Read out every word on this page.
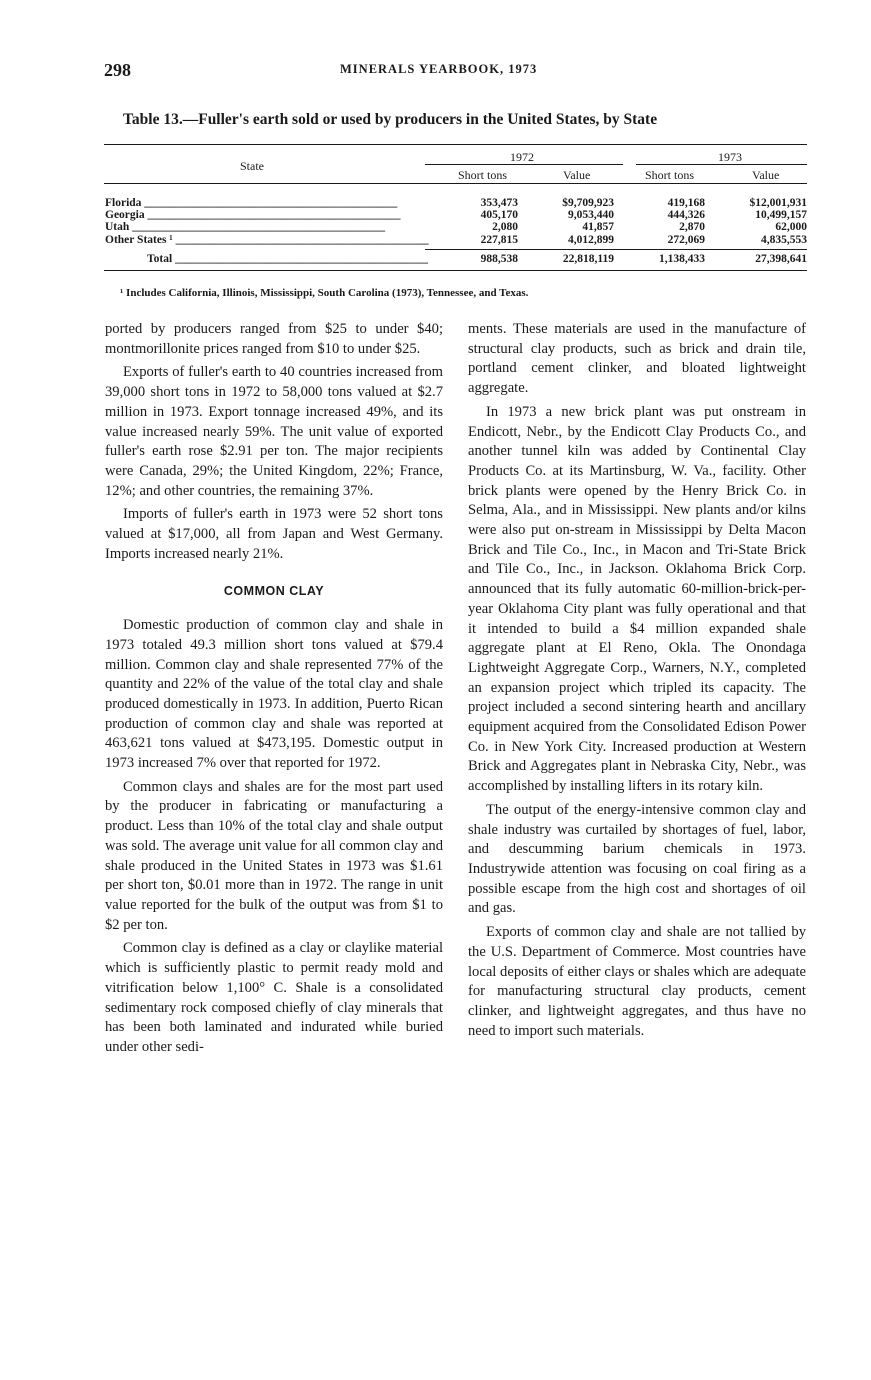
298	MINERALS YEARBOOK, 1973
Table 13.—Fuller's earth sold or used by producers in the United States, by State
State
1972	1973
Short tons	Value	Short tons	Value
Florida ____________________________________________	353,473	$9,709,923	419,168	$12,001,931
Georgia ____________________________________________	405,170	9,053,440	444,326	10,499,157
Utah ____________________________________________	2,080	41,857	2,870	62,000
Other States ¹ ____________________________________________	227,815	4,012,899	272,069	4,835,553
Total ____________________________________________	988,538	22,818,119	1,138,433	27,398,641
¹ Includes California, Illinois, Mississippi, South Carolina (1973), Tennessee, and Texas.

ported by producers ranged from $25 to under $40; montmorillonite prices ranged from $10 to under $25.

Exports of fuller's earth to 40 countries increased from 39,000 short tons in 1972 to 58,000 tons valued at $2.7 million in 1973. Export tonnage increased 49%, and its value increased nearly 59%. The unit value of exported fuller's earth rose $2.91 per ton. The major recipients were Canada, 29%; the United Kingdom, 22%; France, 12%; and other countries, the remaining 37%.

Imports of fuller's earth in 1973 were 52 short tons valued at $17,000, all from Japan and West Germany. Imports increased nearly 21%.

COMMON CLAY

Domestic production of common clay and shale in 1973 totaled 49.3 million short tons valued at $79.4 million. Common clay and shale represented 77% of the quantity and 22% of the value of the total clay and shale produced domestically in 1973. In addition, Puerto Rican production of common clay and shale was reported at 463,621 tons valued at $473,195. Domestic output in 1973 increased 7% over that reported for 1972.

Common clays and shales are for the most part used by the producer in fabricating or manufacturing a product. Less than 10% of the total clay and shale output was sold. The average unit value for all common clay and shale produced in the United States in 1973 was $1.61 per short ton, $0.01 more than in 1972. The range in unit value reported for the bulk of the output was from $1 to $2 per ton.

Common clay is defined as a clay or claylike material which is sufficiently plastic to permit ready mold and vitrification below 1,100° C. Shale is a consolidated sedimentary rock composed chiefly of clay minerals that has been both laminated and indurated while buried under other sedi-

ments. These materials are used in the manufacture of structural clay products, such as brick and drain tile, portland cement clinker, and bloated lightweight aggregate.

In 1973 a new brick plant was put onstream in Endicott, Nebr., by the Endicott Clay Products Co., and another tunnel kiln was added by Continental Clay Products Co. at its Martinsburg, W. Va., facility. Other brick plants were opened by the Henry Brick Co. in Selma, Ala., and in Mississippi. New plants and/or kilns were also put on-stream in Mississippi by Delta Macon Brick and Tile Co., Inc., in Macon and Tri-State Brick and Tile Co., Inc., in Jackson. Oklahoma Brick Corp. announced that its fully automatic 60-million-brick-per-year Oklahoma City plant was fully operational and that it intended to build a $4 million expanded shale aggregate plant at El Reno, Okla. The Onondaga Lightweight Aggregate Corp., Warners, N.Y., completed an expansion project which tripled its capacity. The project included a second sintering hearth and ancillary equipment acquired from the Consolidated Edison Power Co. in New York City. Increased production at Western Brick and Aggregates plant in Nebraska City, Nebr., was accomplished by installing lifters in its rotary kiln.

The output of the energy-intensive common clay and shale industry was curtailed by shortages of fuel, labor, and descumming barium chemicals in 1973. Industrywide attention was focusing on coal firing as a possible escape from the high cost and shortages of oil and gas.

Exports of common clay and shale are not tallied by the U.S. Department of Commerce. Most countries have local deposits of either clays or shales which are adequate for manufacturing structural clay products, cement clinker, and lightweight aggregates, and thus have no need to import such materials.
